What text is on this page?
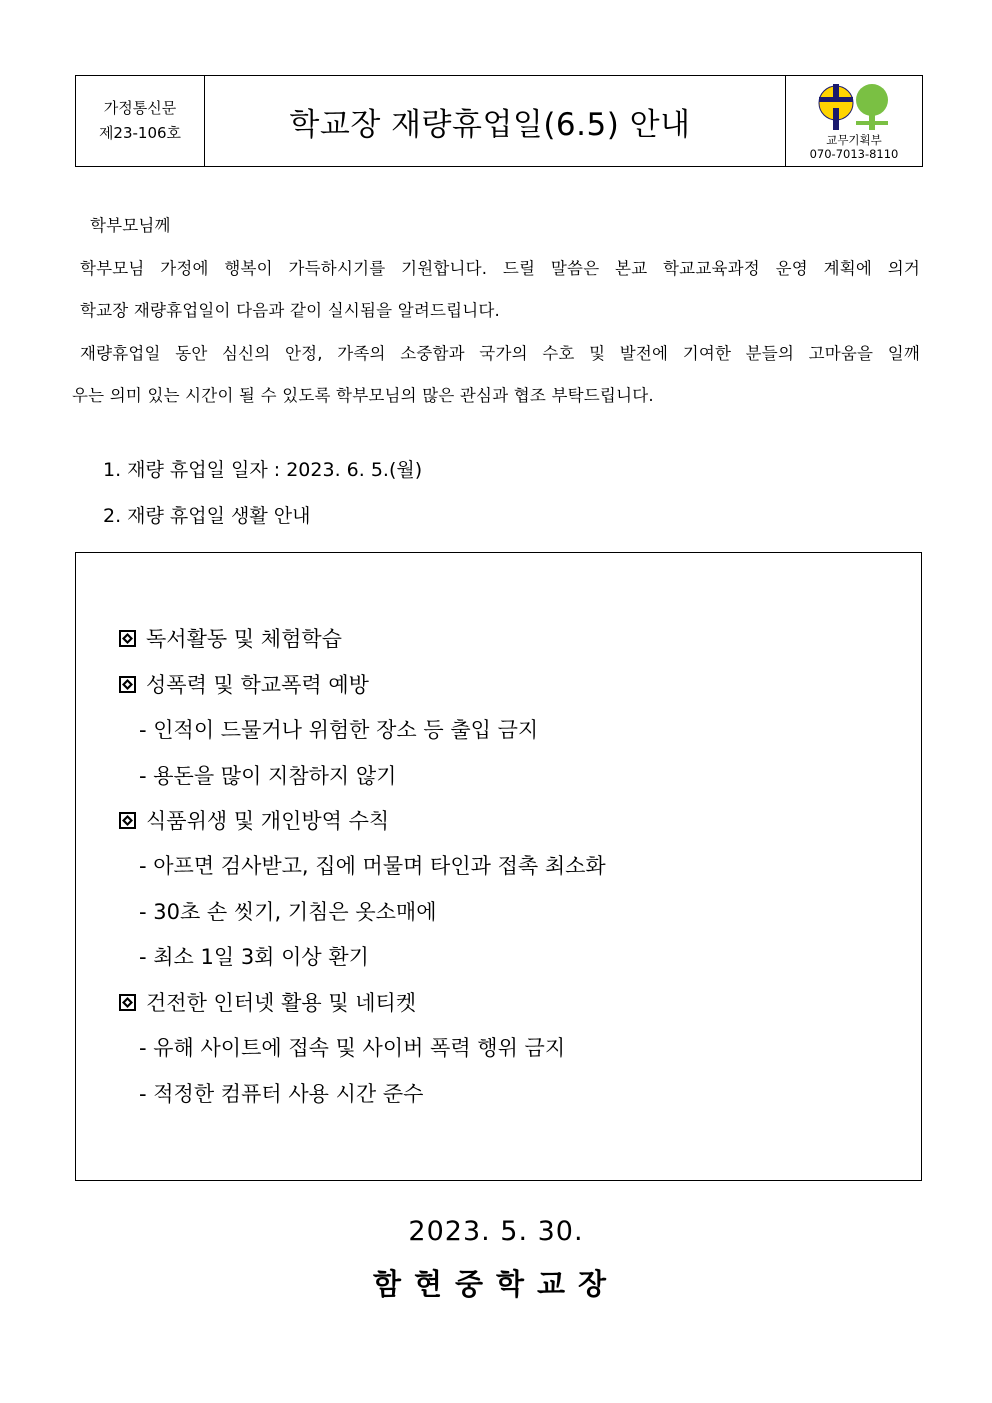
가정통신문
제23-106호	학교장 재량휴업일(6.5) 안내	교무기획부
070-7013-8110
학부모님께
학부모님 가정에 행복이 가득하시기를 기원합니다. 드릴 말씀은 본교 학교교육과정 운영 계획에 의거
학교장 재량휴업일이 다음과 같이 실시됨을 알려드립니다.
재량휴업일 동안 심신의 안정, 가족의 소중함과 국가의 수호 및 발전에 기여한 분들의 고마움을 일깨
우는 의미 있는 시간이 될 수 있도록 학부모님의 많은 관심과 협조 부탁드립니다.
1. 재량 휴업일 일자 : 2023. 6. 5.(월)
2. 재량 휴업일 생활 안내
독서활동 및 체험학습
성폭력 및 학교폭력 예방
- 인적이 드물거나 위험한 장소 등 출입 금지
- 용돈을 많이 지참하지 않기
식품위생 및 개인방역 수칙
- 아프면 검사받고, 집에 머물며 타인과 접촉 최소화
- 30초 손 씻기, 기침은 옷소매에
- 최소 1일 3회 이상 환기
건전한 인터넷 활용 및 네티켓
- 유해 사이트에 접속 및 사이버 폭력 행위 금지
- 적정한 컴퓨터 사용 시간 준수
2023. 5. 30.
함현중학교장
